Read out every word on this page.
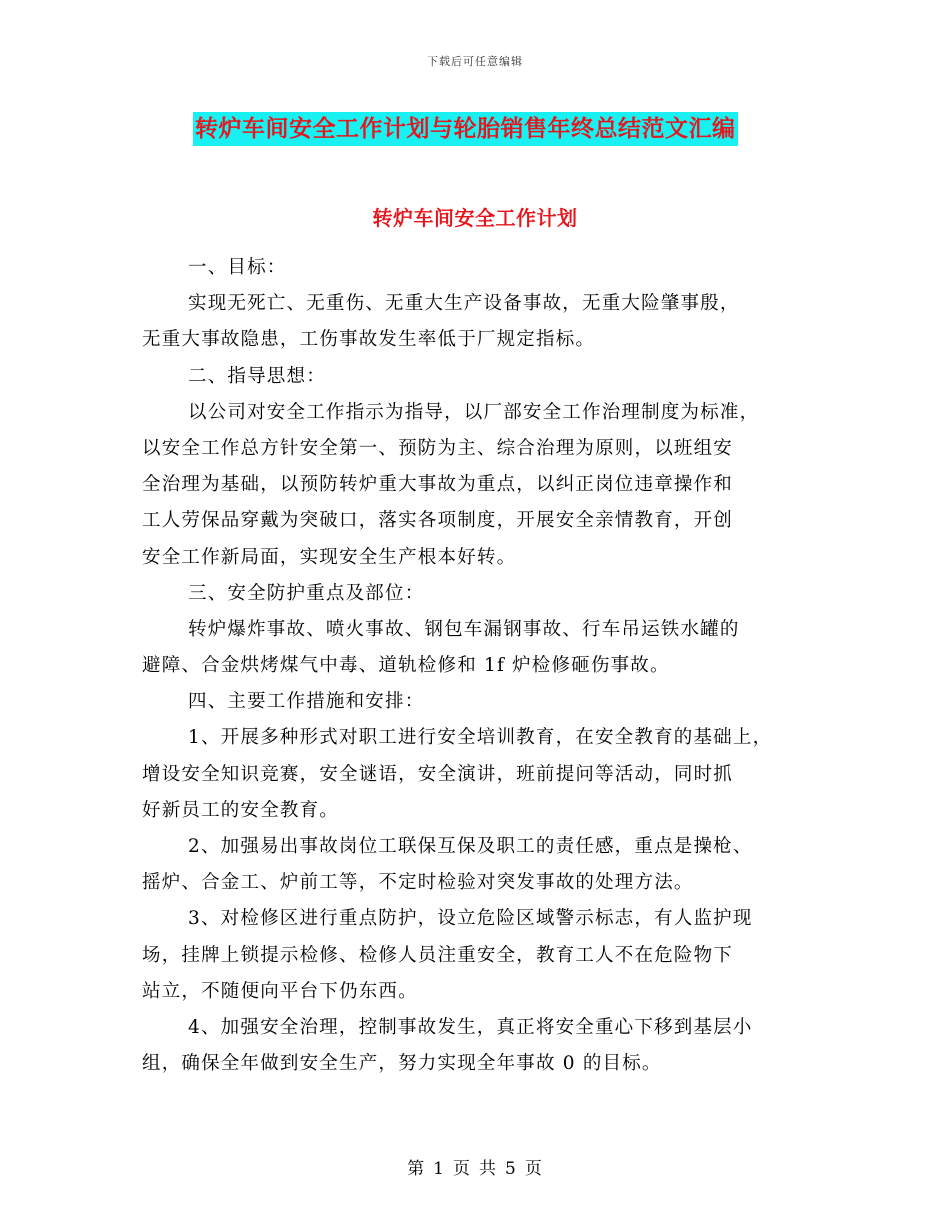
下载后可任意编辑
转炉车间安全工作计划与轮胎销售年终总结范文汇编
转炉车间安全工作计划
一、目标：
实现无死亡、无重伤、无重大生产设备事故，无重大险肇事殷，
无重大事故隐患，工伤事故发生率低于厂规定指标。
二、指导思想：
以公司对安全工作指示为指导，以厂部安全工作治理制度为标准，
以安全工作总方针安全第一、预防为主、综合治理为原则，以班组安
全治理为基础，以预防转炉重大事故为重点，以纠正岗位违章操作和
工人劳保品穿戴为突破口，落实各项制度，开展安全亲情教育，开创
安全工作新局面，实现安全生产根本好转。
三、安全防护重点及部位：
转炉爆炸事故、喷火事故、钢包车漏钢事故、行车吊运铁水罐的
避障、合金烘烤煤气中毒、道轨检修和 1f 炉检修砸伤事故。
四、主要工作措施和安排：
1、开展多种形式对职工进行安全培训教育，在安全教育的基础上，
增设安全知识竞赛，安全谜语，安全演讲，班前提问等活动，同时抓
好新员工的安全教育。
2、加强易出事故岗位工联保互保及职工的责任感，重点是操枪、
摇炉、合金工、炉前工等，不定时检验对突发事故的处理方法。
3、对检修区进行重点防护，设立危险区域警示标志，有人监护现
场，挂牌上锁提示检修、检修人员注重安全，教育工人不在危险物下
站立，不随便向平台下仍东西。
4、加强安全治理，控制事故发生，真正将安全重心下移到基层小
组，确保全年做到安全生产，努力实现全年事故 0 的目标。
第 1 页 共 5 页
